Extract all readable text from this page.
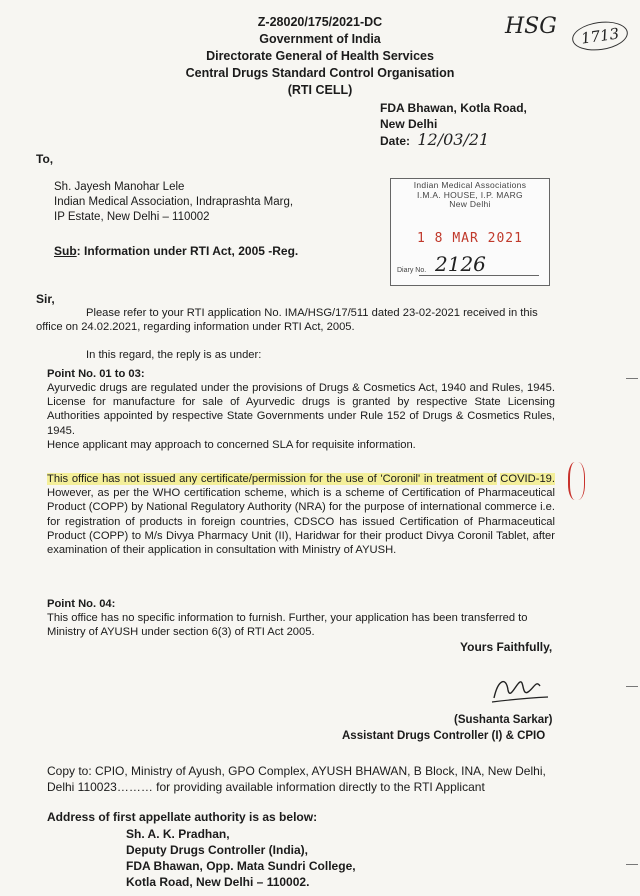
Z-28020/175/2021-DC
Government of India
Directorate General of Health Services
Central Drugs Standard Control Organisation
(RTI CELL)
HSG	1713
FDA Bhawan, Kotla Road,
New Delhi
Date: 12/03/21
To,
Sh. Jayesh Manohar Lele
Indian Medical Association, Indraprashta Marg,
IP Estate, New Delhi – 110002
Indian Medical Associations
I.M.A. HOUSE, I.P. MARG
New Delhi
1 8 MAR 2021
Diary No. 2126
Sub: Information under RTI Act, 2005 -Reg.
Sir,
Please refer to your RTI application No. IMA/HSG/17/511 dated 23-02-2021 received in this office on 24.02.2021, regarding information under RTI Act, 2005.
In this regard, the reply is as under:
Point No. 01 to 03:
Ayurvedic drugs are regulated under the provisions of Drugs & Cosmetics Act, 1940 and Rules, 1945. License for manufacture for sale of Ayurvedic drugs is granted by respective State Licensing Authorities appointed by respective State Governments under Rule 152 of Drugs & Cosmetics Rules, 1945.
Hence applicant may approach to concerned SLA for requisite information.
This office has not issued any certificate/permission for the use of 'Coronil' in treatment of COVID-19. However, as per the WHO certification scheme, which is a scheme of Certification of Pharmaceutical Product (COPP) by National Regulatory Authority (NRA) for the purpose of international commerce i.e. for registration of products in foreign countries, CDSCO has issued Certification of Pharmaceutical Product (COPP) to M/s Divya Pharmacy Unit (II), Haridwar for their product Divya Coronil Tablet, after examination of their application in consultation with Ministry of AYUSH.
Point No. 04:
This office has no specific information to furnish. Further, your application has been transferred to Ministry of AYUSH under section 6(3) of RTI Act 2005.
Yours Faithfully,
(Sushanta Sarkar)
Assistant Drugs Controller (I) & CPIO
Copy to: CPIO, Ministry of Ayush, GPO Complex, AYUSH BHAWAN, B Block, INA, New Delhi, Delhi 110023……… for providing available information directly to the RTI Applicant
Address of first appellate authority is as below:
Sh. A. K. Pradhan,
Deputy Drugs Controller (India),
FDA Bhawan, Opp. Mata Sundri College,
Kotla Road, New Delhi – 110002.
